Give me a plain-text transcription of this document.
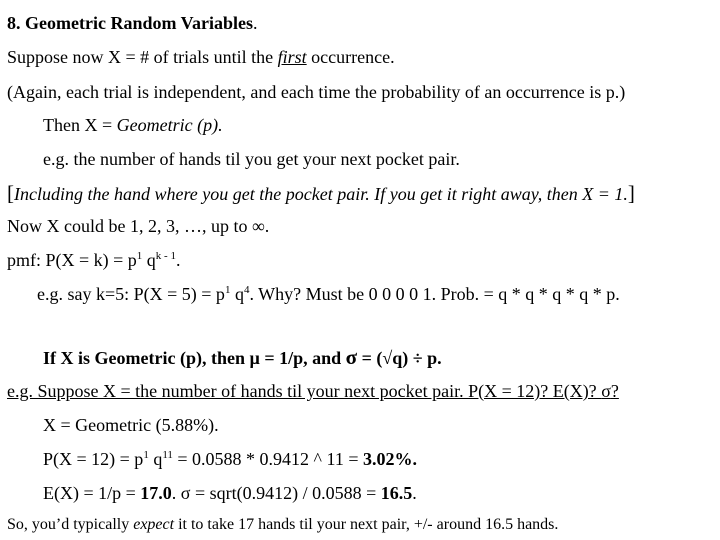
8. Geometric Random Variables.
Suppose now X = # of trials until the first occurrence.
(Again, each trial is independent, and each time the probability of an occurrence is p.)
Then X = Geometric (p).
e.g. the number of hands til you get your next pocket pair.
[Including the hand where you get the pocket pair. If you get it right away, then X = 1.]
Now X could be 1, 2, 3, …, up to ∞.
pmf: $P(X = k) = p^1$ $q^{k - 1}$.
e.g. say k=5: $P(X = 5) = p^1$ $q^4$. Why? Must be 0 0 0 0 1. Prob. = q * q * q * q * p.
If X is Geometric (p), then µ = 1/p, and σ = (√q) ÷ p.
e.g. Suppose X = the number of hands til your next pocket pair. P(X = 12)? E(X)? σ?
X = Geometric (5.88%).
$P(X = 12) = p^1$ $q^{11} = 0.0588 * 0.9412$ ^ 11 = 3.02%.
E(X) = 1/p = 17.0. σ = sqrt(0.9412) / 0.0588 = 16.5.
So, you’d typically expect it to take 17 hands til your next pair, +/- around 16.5 hands.
